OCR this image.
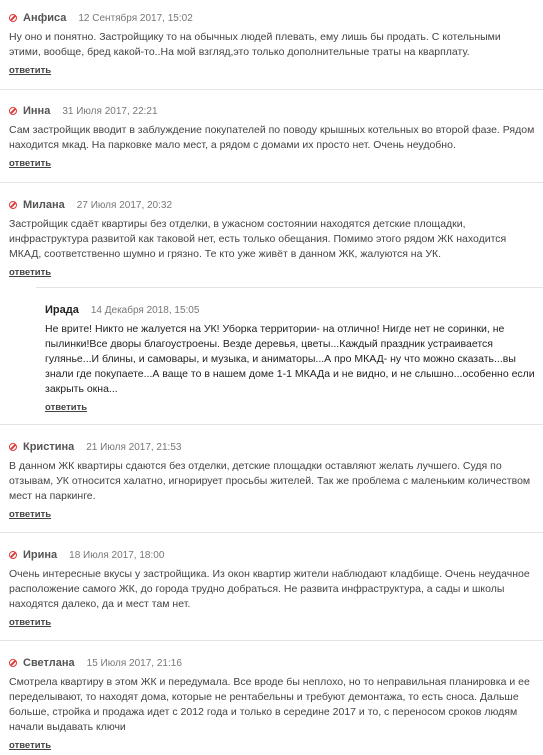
Анфиса 12 Сентября 2017, 15:02
Ну оно и понятно. Застройщику то на обычных людей плевать, ему лишь бы продать. С котельными этими, вообще, бред какой-то..На мой взгляд,это только дополнительные траты на кварплату.
ответить
Инна 31 Июля 2017, 22:21
Сам застройщик вводит в заблуждение покупателей по поводу крышных котельных во второй фазе. Рядом находится мкад. На парковке мало мест, а рядом с домами их просто нет. Очень неудобно.
ответить
Милана 27 Июля 2017, 20:32
Застройщик сдаёт квартиры без отделки, в ужасном состоянии находятся детские площадки, инфраструктура развитой как таковой нет, есть только обещания. Помимо этого рядом ЖК находится МКАД, соответственно шумно и грязно. Те кто уже живёт в данном ЖК, жалуются на УК.
ответить
Ирада 14 Декабря 2018, 15:05
Не врите! Никто не жалуется на УК! Уборка территории- на отлично! Нигде нет не соринки, не пылинки!Все дворы благоустроены. Везде деревья, цветы...Каждый праздник устраивается гулянье...И блины, и самовары, и музыка, и аниматоры...А про МКАД- ну что можно сказать...вы знали где покупаете...А ваще то в нашем доме 1-1 МКАДа и не видно, и не слышно...особенно если закрыть окна...
ответить
Кристина 21 Июля 2017, 21:53
В данном ЖК квартиры сдаются без отделки, детские площадки оставляют желать лучшего. Судя по отзывам, УК относится халатно, игнорирует просьбы жителей. Так же проблема с маленьким количеством мест на паркинге.
ответить
Ирина 18 Июля 2017, 18:00
Очень интересные вкусы у застройщика. Из окон квартир жители наблюдают кладбище. Очень неудачное расположение самого ЖК, до города трудно добраться. Не развита инфраструктура, а сады и школы находятся далеко, да и мест там нет.
ответить
Светлана 15 Июля 2017, 21:16
Смотрела квартиру в этом ЖК и передумала. Все вроде бы неплохо, но то неправильная планировка и ее переделывают, то находят дома, которые не рентабельны и требуют демонтажа, то есть сноса. Дальше больше, стройка и продажа идет с 2012 года и только в середине 2017 и то, с переносом сроков людям начали выдавать ключи
ответить
